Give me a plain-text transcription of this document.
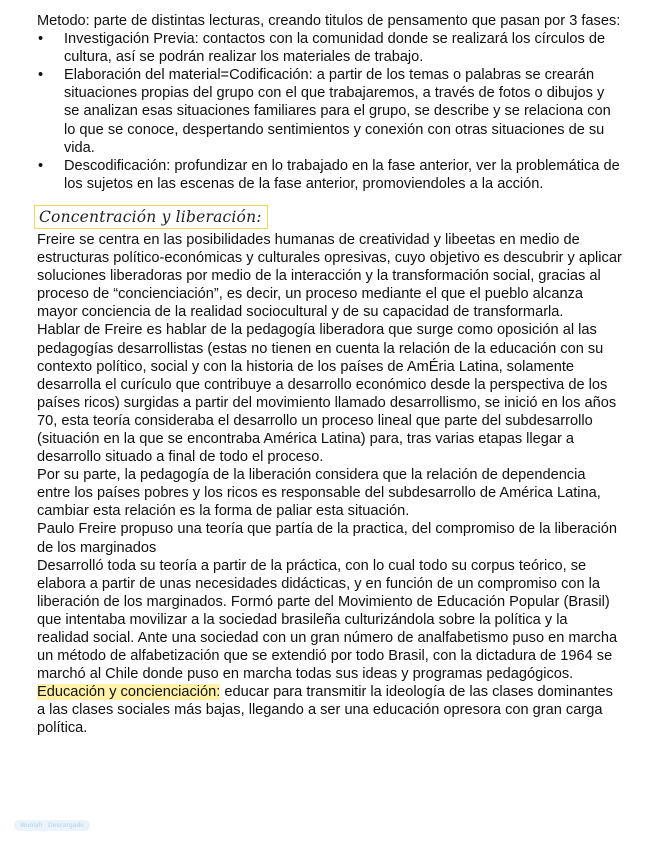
Metodo: parte de distintas lecturas, creando titulos de pensamento que pasan por 3 fases:

• Investigación Previa: contactos con la comunidad donde se realizará los círculos de cultura, así se podrán realizar los materiales de trabajo.
• Elaboración del material=Codificación: a partir de los temas o palabras se crearán situaciones propias del grupo con el que trabajaremos, a través de fotos o dibujos y se analizan esas situaciones familiares para el grupo, se describe y se relaciona con lo que se conoce, despertando sentimientos y conexión con otras situaciones de su vida.
• Descodificación: profundizar en lo trabajado en la fase anterior, ver la problemática de los sujetos en las escenas de la fase anterior, promoviendoles a la acción.
Concentración y liberación:

Freire se centra en las posibilidades humanas de creatividad y libeetas en medio de estructuras político-económicas y culturales opresivas, cuyo objetivo es descubrir y aplicar soluciones liberadoras por medio de la interacción y la transformación social, gracias al proceso de “concienciación”, es decir, un proceso mediante el que el pueblo alcanza mayor conciencia de la realidad sociocultural y de su capacidad de transformarla.

Hablar de Freire es hablar de la pedagogía liberadora que surge como oposición al las pedagogías desarrollistas (estas no tienen en cuenta la relación de la educación con su contexto político, social y con la historia de los países de AmÉria Latina, solamente desarrolla el curículo que contribuye a desarrollo económico desde la perspectiva de los países ricos) surgidas a partir del movimiento llamado desarrollismo, se inició en los años 70, esta teoría consideraba el desarrollo un proceso lineal que parte del subdesarrollo (situación en la que se encontraba América Latina) para, tras varias etapas llegar a desarrollo situado a final de todo el proceso.

Por su parte, la pedagogía de la liberación considera que la relación de dependencia entre los países pobres y los ricos es responsable del subdesarrollo de América Latina, cambiar esta relación es la forma de paliar esta situación.

Paulo Freire propuso una teoría que partía de la practica, del compromiso de la liberación de los marginados

Desarrolló toda su teoría a partir de la práctica, con lo cual todo su corpus teórico, se elabora a partir de unas necesidades didácticas, y en función de un compromiso con la liberación de los marginados. Formó parte del Movimiento de Educación Popular (Brasil) que intentaba movilizar a la sociedad brasileña culturizándola sobre la política y la realidad social. Ante una sociedad con un gran número de analfabetismo puso en marcha un método de alfabetización que se extendió por todo Brasil, con la dictadura de 1964 se marchó al Chile donde puso en marcha todas sus ideas y programas pedagógicos.

Educación y concienciación: educar para transmitir la ideología de las clases dominantes a las clases sociales más bajas, llegando a ser una educación opresora con gran carga política.

Wuolah · Descargado
